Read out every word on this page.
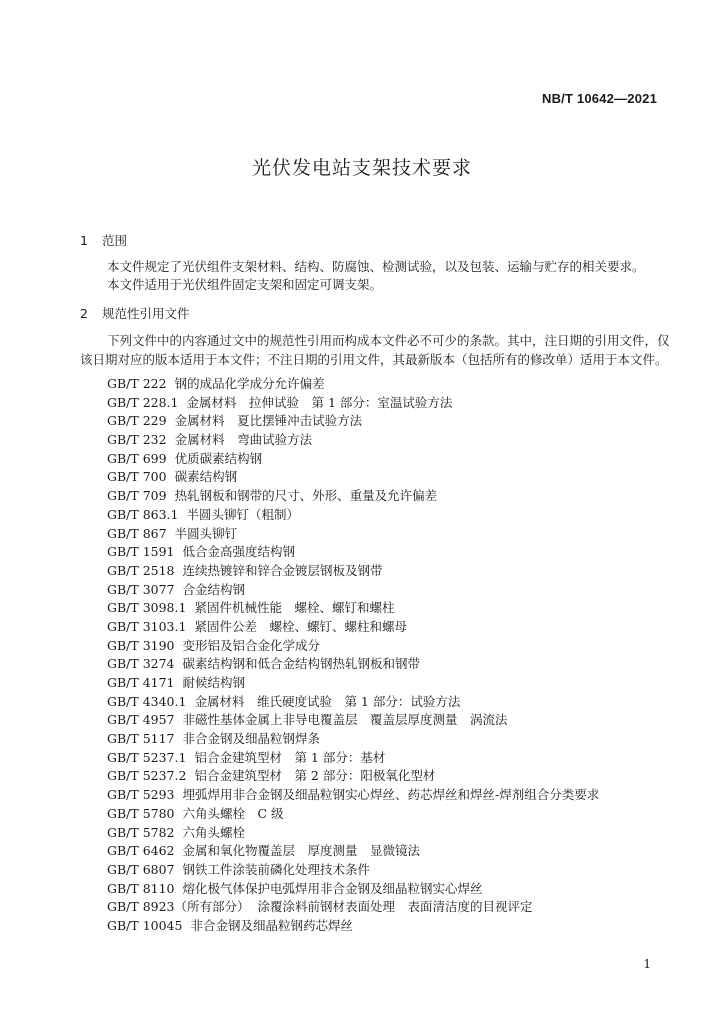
NB/T 10642—2021
光伏发电站支架技术要求
1 范围
本文件规定了光伏组件支架材料、结构、防腐蚀、检测试验，以及包装、运输与贮存的相关要求。
本文件适用于光伏组件固定支架和固定可调支架。
2 规范性引用文件
下列文件中的内容通过文中的规范性引用而构成本文件必不可少的条款。其中，注日期的引用文件，仅
该日期对应的版本适用于本文件；不注日期的引用文件，其最新版本（包括所有的修改单）适用于本文件。
GB/T 222 钢的成品化学成分允许偏差
GB/T 228.1 金属材料　拉伸试验　第 1 部分：室温试验方法
GB/T 229 金属材料　夏比摆锤冲击试验方法
GB/T 232 金属材料　弯曲试验方法
GB/T 699 优质碳素结构钢
GB/T 700 碳素结构钢
GB/T 709 热轧钢板和钢带的尺寸、外形、重量及允许偏差
GB/T 863.1 半圆头铆钉（粗制）
GB/T 867 半圆头铆钉
GB/T 1591 低合金高强度结构钢
GB/T 2518 连续热镀锌和锌合金镀层钢板及钢带
GB/T 3077 合金结构钢
GB/T 3098.1 紧固件机械性能　螺栓、螺钉和螺柱
GB/T 3103.1 紧固件公差　螺栓、螺钉、螺柱和螺母
GB/T 3190 变形铝及铝合金化学成分
GB/T 3274 碳素结构钢和低合金结构钢热轧钢板和钢带
GB/T 4171 耐候结构钢
GB/T 4340.1 金属材料　维氏硬度试验　第 1 部分：试验方法
GB/T 4957 非磁性基体金属上非导电覆盖层　覆盖层厚度测量　涡流法
GB/T 5117 非合金钢及细晶粒钢焊条
GB/T 5237.1 铝合金建筑型材　第 1 部分：基材
GB/T 5237.2 铝合金建筑型材　第 2 部分：阳极氧化型材
GB/T 5293 埋弧焊用非合金钢及细晶粒钢实心焊丝、药芯焊丝和焊丝-焊剂组合分类要求
GB/T 5780 六角头螺栓　C 级
GB/T 5782 六角头螺栓
GB/T 6462 金属和氧化物覆盖层　厚度测量　显微镜法
GB/T 6807 钢铁工件涂装前磷化处理技术条件
GB/T 8110 熔化极气体保护电弧焊用非合金钢及细晶粒钢实心焊丝
GB/T 8923（所有部分） 涂覆涂料前钢材表面处理　表面清洁度的目视评定
GB/T 10045 非合金钢及细晶粒钢药芯焊丝
1
